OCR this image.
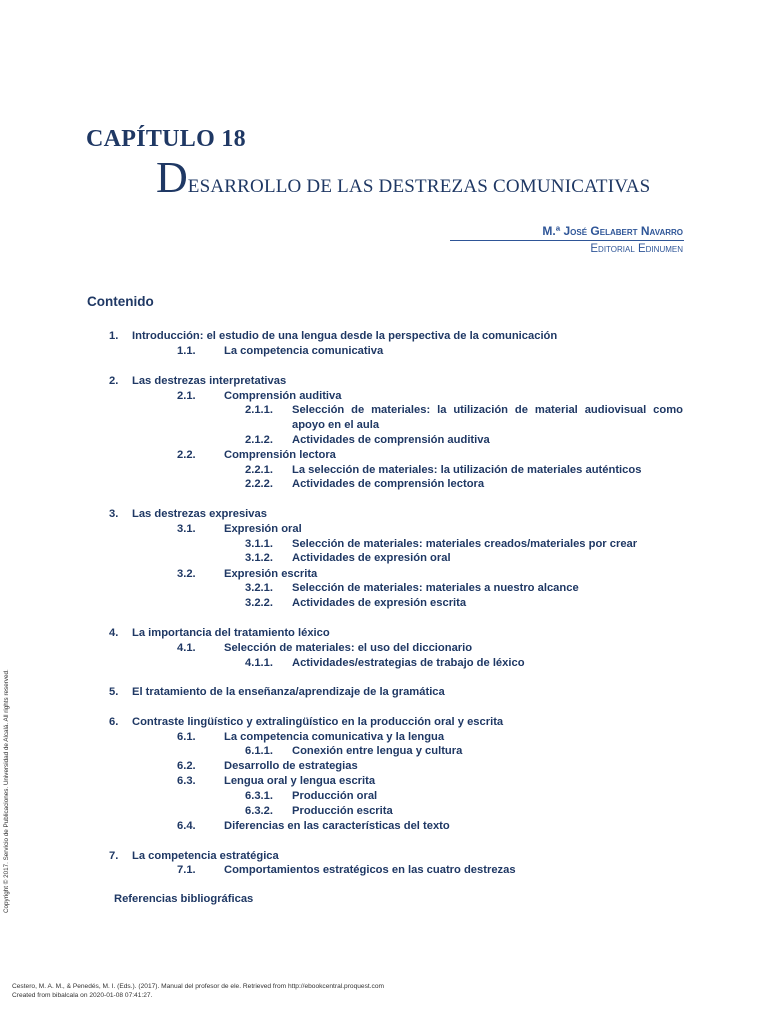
CAPÍTULO 18
DESARROLLO DE LAS DESTREZAS COMUNICATIVAS
M.ª José Gelabert Navarro
Editorial Edinumen
Contenido
1. Introducción: el estudio de una lengua desde la perspectiva de la comunicación
1.1.	La competencia comunicativa
2. Las destrezas interpretativas
2.1.	Comprensión auditiva
2.1.1. Selección de materiales: la utilización de material audiovisual como
apoyo en el aula
2.1.2. Actividades de comprensión auditiva
2.2.	Comprensión lectora
2.2.1. La selección de materiales: la utilización de materiales auténticos
2.2.2. Actividades de comprensión lectora
3. Las destrezas expresivas
3.1.	Expresión oral
3.1.1. Selección de materiales: materiales creados/materiales por crear
3.1.2. Actividades de expresión oral
3.2.	Expresión escrita
3.2.1. Selección de materiales: materiales a nuestro alcance
3.2.2. Actividades de expresión escrita
4. La importancia del tratamiento léxico
4.1.	Selección de materiales: el uso del diccionario
4.1.1. Actividades/estrategias de trabajo de léxico
5. El tratamiento de la enseñanza/aprendizaje de la gramática
6. Contraste lingüístico y extralingüístico en la producción oral y escrita
6.1.	La competencia comunicativa y la lengua
6.1.1. Conexión entre lengua y cultura
6.2.	Desarrollo de estrategias
6.3.	Lengua oral y lengua escrita
6.3.1. Producción oral
6.3.2. Producción escrita
6.4.	Diferencias en las características del texto
7. La competencia estratégica
7.1.	Comportamientos estratégicos en las cuatro destrezas
Referencias bibliográficas
Copyright © 2017. Servicio de Publicaciones. Universidad de Alcalá. All rights reserved.
Cestero, M. A. M., & Penedés, M. I. (Eds.). (2017). Manual del profesor de ele. Retrieved from http://ebookcentral.proquest.com
Created from bibalcala on 2020-01-08 07:41:27.
